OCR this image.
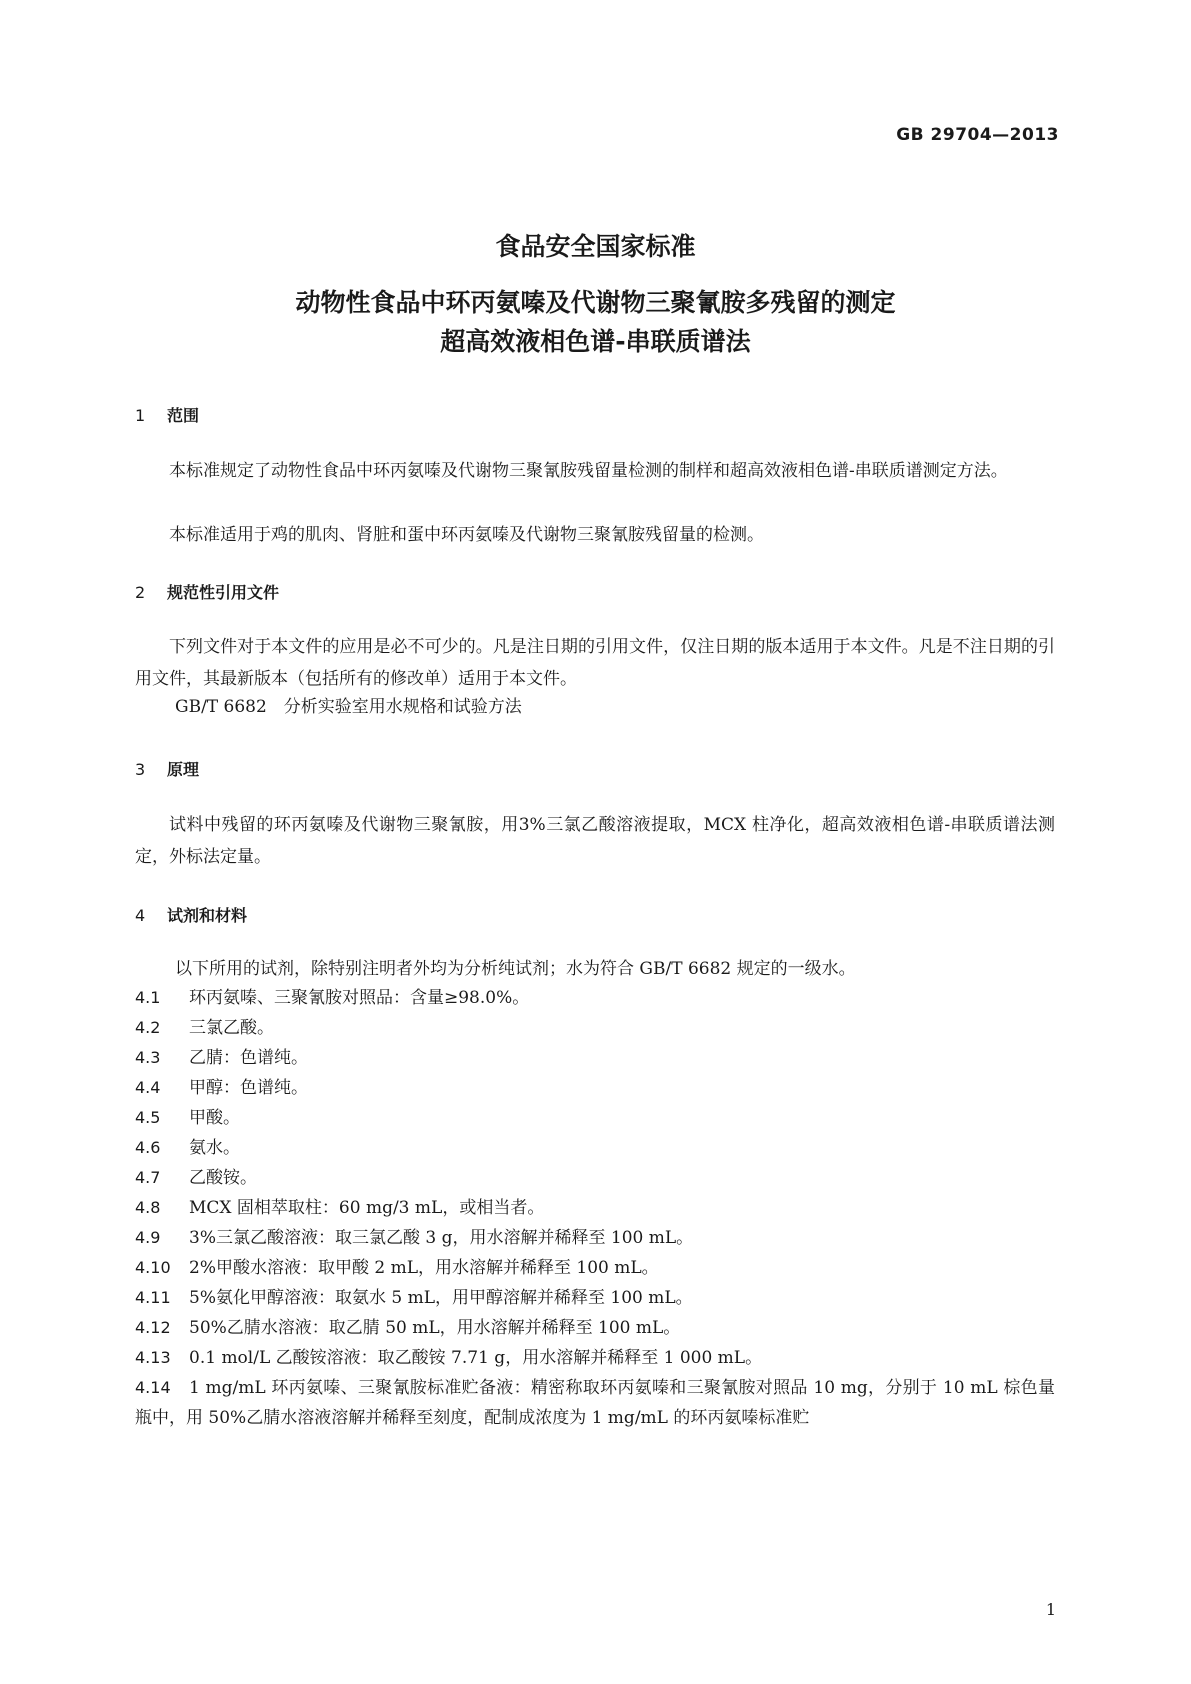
GB 29704—2013
食品安全国家标准
动物性食品中环丙氨嗪及代谢物三聚氰胺多残留的测定
超高效液相色谱-串联质谱法
1 范围

本标准规定了动物性食品中环丙氨嗪及代谢物三聚氰胺残留量检测的制样和超高效液相色谱-串联质谱测定方法。

本标准适用于鸡的肌肉、肾脏和蛋中环丙氨嗪及代谢物三聚氰胺残留量的检测。

2 规范性引用文件

下列文件对于本文件的应用是必不可少的。凡是注日期的引用文件，仅注日期的版本适用于本文件。凡是不注日期的引用文件，其最新版本（包括所有的修改单）适用于本文件。

GB/T 6682　分析实验室用水规格和试验方法
3 原理

试料中残留的环丙氨嗪及代谢物三聚氰胺，用3%三氯乙酸溶液提取，MCX 柱净化，超高效液相色谱-串联质谱法测定，外标法定量。

4 试剂和材料
以下所用的试剂，除特别注明者外均为分析纯试剂；水为符合 GB/T 6682 规定的一级水。
4.1 环丙氨嗪、三聚氰胺对照品：含量≥98.0%。
4.2 三氯乙酸。
4.3 乙腈：色谱纯。
4.4 甲醇：色谱纯。
4.5 甲酸。
4.6 氨水。
4.7 乙酸铵。
4.8 MCX 固相萃取柱：60 mg/3 mL，或相当者。
4.9 3%三氯乙酸溶液：取三氯乙酸 3 g，用水溶解并稀释至 100 mL。
4.10 2%甲酸水溶液：取甲酸 2 mL，用水溶解并稀释至 100 mL。
4.11 5%氨化甲醇溶液：取氨水 5 mL，用甲醇溶解并稀释至 100 mL。
4.12 50%乙腈水溶液：取乙腈 50 mL，用水溶解并稀释至 100 mL。
4.13 0.1 mol/L 乙酸铵溶液：取乙酸铵 7.71 g，用水溶解并稀释至 1 000 mL。
4.14 1 mg/mL 环丙氨嗪、三聚氰胺标准贮备液：精密称取环丙氨嗪和三聚氰胺对照品 10 mg，分别于 10 mL 棕色量瓶中，用 50%乙腈水溶液溶解并稀释至刻度，配制成浓度为 1 mg/mL 的环丙氨嗪标准贮
1
